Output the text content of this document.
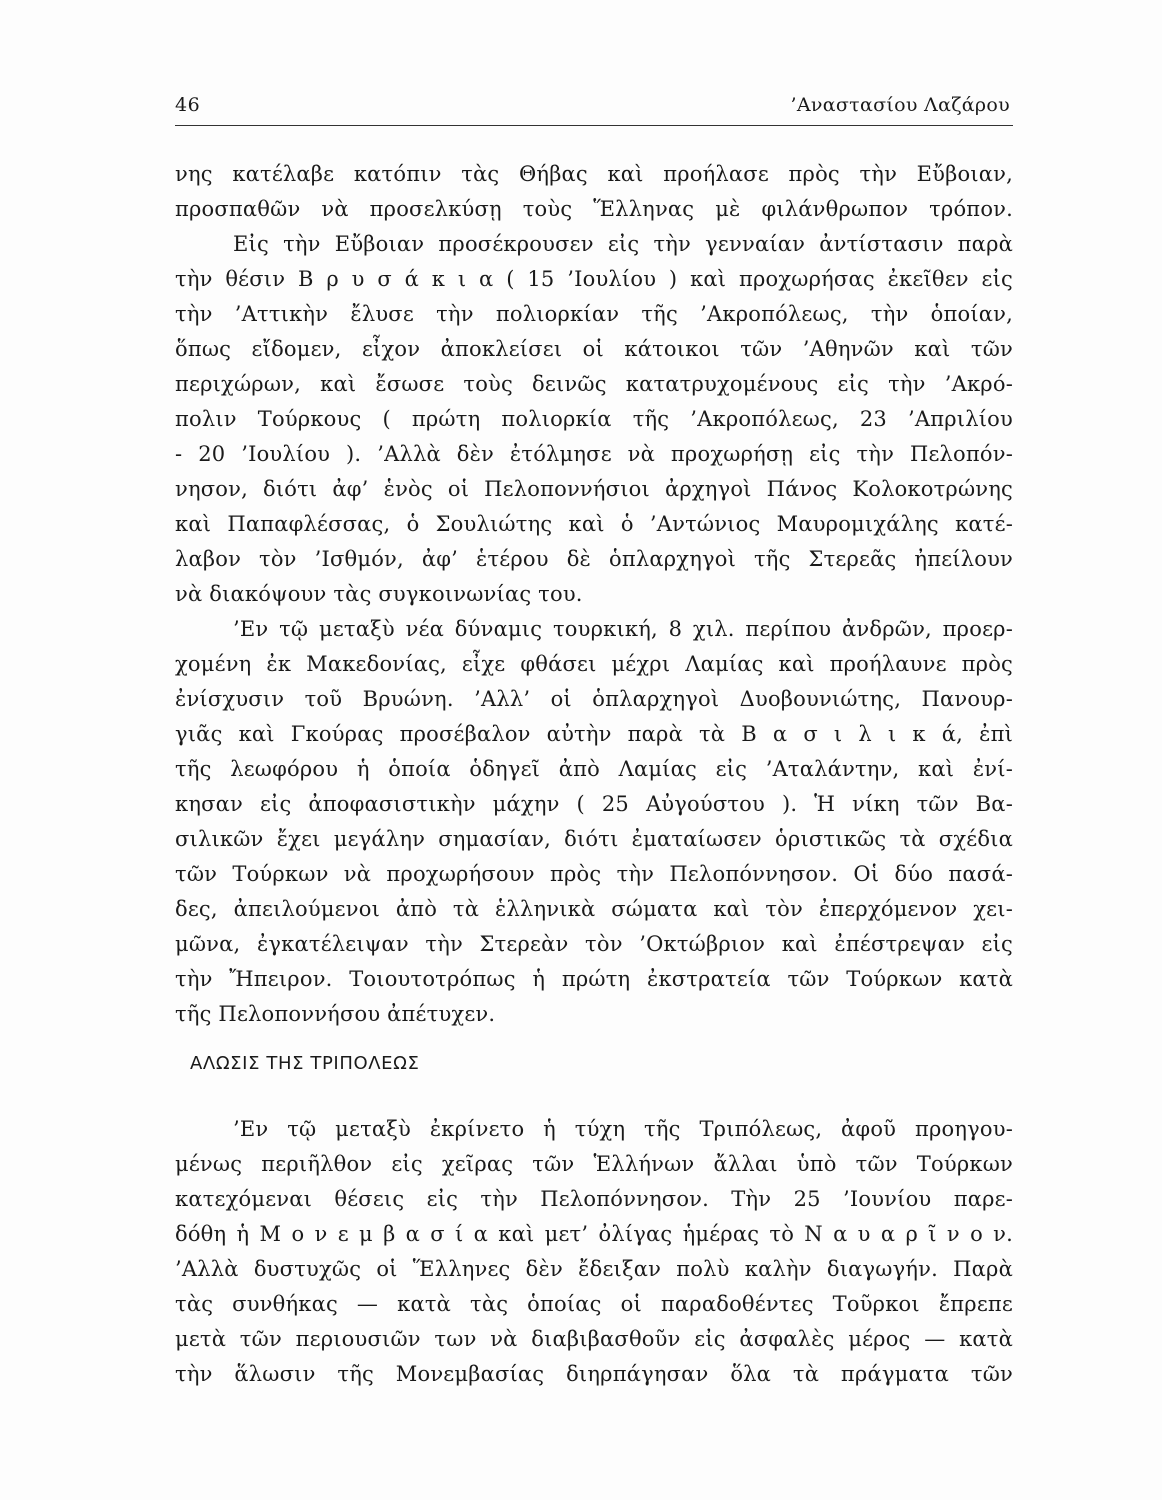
46	’Αναστασίου Λαζάρου
νης κατέλαβε κατόπιν τὰς Θήβας καὶ προήλασε πρὸς τὴν Εὔβοιαν,
προσπαθῶν νὰ προσελκύσῃ τοὺς Ἕλληνας μὲ φιλάνθρωπον τρόπον.
Εἰς τὴν Εὔβοιαν προσέκρουσεν εἰς τὴν γενναίαν ἀντίστασιν παρὰ
τὴν θέσιν Β ρ υ σ ά κ ι α ( 15 ’Ιουλίου ) καὶ προχωρήσας ἐκεῖθεν εἰς
τὴν ’Αττικὴν ἔλυσε τὴν πολιορκίαν τῆς ’Ακροπόλεως, τὴν ὁποίαν,
ὅπως εἴδομεν, εἶχον ἀποκλείσει οἱ κάτοικοι τῶν ’Αθηνῶν καὶ τῶν
περιχώρων, καὶ ἔσωσε τοὺς δεινῶς κατατρυχομένους εἰς τὴν ’Ακρό-
πολιν Τούρκους ( πρώτη πολιορκία τῆς ’Ακροπόλεως, 23 ’Απριλίου
- 20 ’Ιουλίου ). ’Αλλὰ δὲν ἐτόλμησε νὰ προχωρήσῃ εἰς τὴν Πελοπόν-
νησον, διότι ἀφ’ ἑνὸς οἱ Πελοποννήσιοι ἀρχηγοὶ Πάνος Κολοκοτρώνης
καὶ Παπαφλέσσας, ὁ Σουλιώτης καὶ ὁ ’Αντώνιος Μαυρομιχάλης κατέ-
λαβον τὸν ’Ισθμόν, ἀφ’ ἑτέρου δὲ ὁπλαρχηγοὶ τῆς Στερεᾶς ἠπείλουν
νὰ διακόψουν τὰς συγκοινωνίας του.
’Εν τῷ μεταξὺ νέα δύναμις τουρκική, 8 χιλ. περίπου ἀνδρῶν, προερ-
χομένη ἐκ Μακεδονίας, εἶχε φθάσει μέχρι Λαμίας καὶ προήλαυνε πρὸς
ἐνίσχυσιν τοῦ Βρυώνη. ’Αλλ’ οἱ ὁπλαρχηγοὶ Δυοβουνιώτης, Πανουρ-
γιᾶς καὶ Γκούρας προσέβαλον αὐτὴν παρὰ τὰ Β α σ ι λ ι κ ά, ἐπὶ
τῆς λεωφόρου ἡ ὁποία ὁδηγεῖ ἀπὸ Λαμίας εἰς ’Αταλάντην, καὶ ἐνί-
κησαν εἰς ἀποφασιστικὴν μάχην ( 25 Αὐγούστου ). Ἡ νίκη τῶν Βα-
σιλικῶν ἔχει μεγάλην σημασίαν, διότι ἐματαίωσεν ὁριστικῶς τὰ σχέδια
τῶν Τούρκων νὰ προχωρήσουν πρὸς τὴν Πελοπόννησον. Οἱ δύο πασά-
δες, ἀπειλούμενοι ἀπὸ τὰ ἑλληνικὰ σώματα καὶ τὸν ἐπερχόμενον χει-
μῶνα, ἐγκατέλειψαν τὴν Στερεὰν τὸν ’Οκτώβριον καὶ ἐπέστρεψαν εἰς
τὴν Ἤπειρον. Τοιουτοτρόπως ἡ πρώτη ἐκστρατεία τῶν Τούρκων κατὰ
τῆς Πελοποννήσου ἀπέτυχεν.
ΑΛΩΣΙΣ ΤΗΣ ΤΡΙΠΟΛΕΩΣ
’Εν τῷ μεταξὺ ἐκρίνετο ἡ τύχη τῆς Τριπόλεως, ἀφοῦ προηγου-
μένως περιῆλθον εἰς χεῖρας τῶν Ἑλλήνων ἄλλαι ὑπὸ τῶν Τούρκων
κατεχόμεναι θέσεις εἰς τὴν Πελοπόννησον. Τὴν 25 ’Ιουνίου παρε-
δόθη ἡ Μ ο ν ε μ β α σ ί α καὶ μετ’ ὀλίγας ἡμέρας τὸ Ν α υ α ρ ῖ ν ο ν.
’Αλλὰ δυστυχῶς οἱ Ἕλληνες δὲν ἔδειξαν πολὺ καλὴν διαγωγήν. Παρὰ
τὰς συνθήκας — κατὰ τὰς ὁποίας οἱ παραδοθέντες Τοῦρκοι ἔπρεπε
μετὰ τῶν περιουσιῶν των νὰ διαβιβασθοῦν εἰς ἀσφαλὲς μέρος — κατὰ
τὴν ἅλωσιν τῆς Μονεμβασίας διηρπάγησαν ὅλα τὰ πράγματα τῶν
